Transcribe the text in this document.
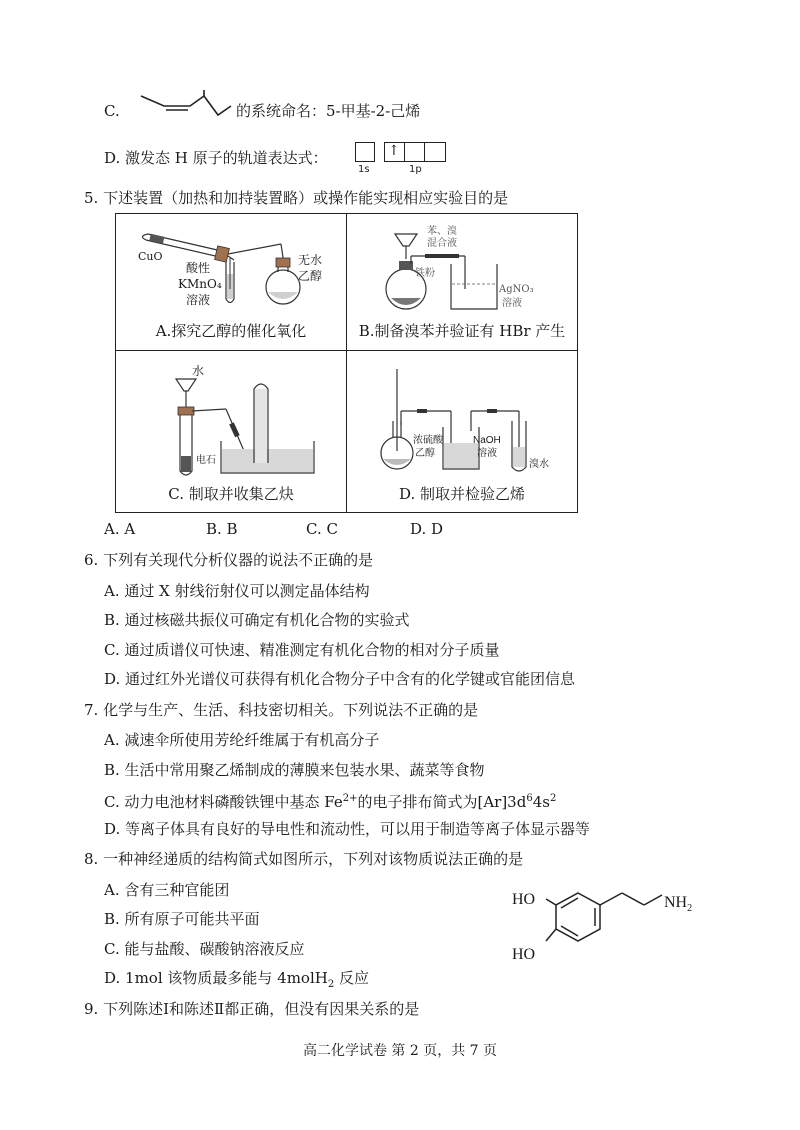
C.	的系统命名：5-甲基-2-己烯
D. 激发态 H 原子的轨道表达式：	↑
1s	1p
5. 下述装置（加热和加持装置略）或操作能实现相应实验目的是
CuO
酸性
KMnO₄
溶液
无水
乙醇
A.探究乙醇的催化氧化
苯、溴
混合液
铁粉
AgNO₃
溶液
B.制备溴苯并验证有 HBr 产生
水
电石
C. 制取并收集乙炔
浓硫酸
乙醇
NaOH
溶液
溴水
D. 制取并检验乙烯
A. A	B. B	C. C	D. D
6. 下列有关现代分析仪器的说法不正确的是
A. 通过 X 射线衍射仪可以测定晶体结构
B. 通过核磁共振仪可确定有机化合物的实验式
C. 通过质谱仪可快速、精准测定有机化合物的相对分子质量
D. 通过红外光谱仪可获得有机化合物分子中含有的化学键或官能团信息
7. 化学与生产、生活、科技密切相关。下列说法不正确的是
A. 减速伞所使用芳纶纤维属于有机高分子
B. 生活中常用聚乙烯制成的薄膜来包装水果、蔬菜等食物
C. 动力电池材料磷酸铁锂中基态 $Fe^{2+}$的电子排布简式为$[Ar]3d^64s^2$
D. 等离子体具有良好的导电性和流动性，可以用于制造等离子体显示器等
8. 一种神经递质的结构简式如图所示，下列对该物质说法正确的是
A. 含有三种官能团
B. 所有原子可能共平面
C. 能与盐酸、碳酸钠溶液反应
D. 1mol 该物质最多能与 4molH$_2$ 反应
HO
HO
$NH_2$
9. 下列陈述Ⅰ和陈述Ⅱ都正确，但没有因果关系的是
高二化学试卷 第 2 页，共 7 页
